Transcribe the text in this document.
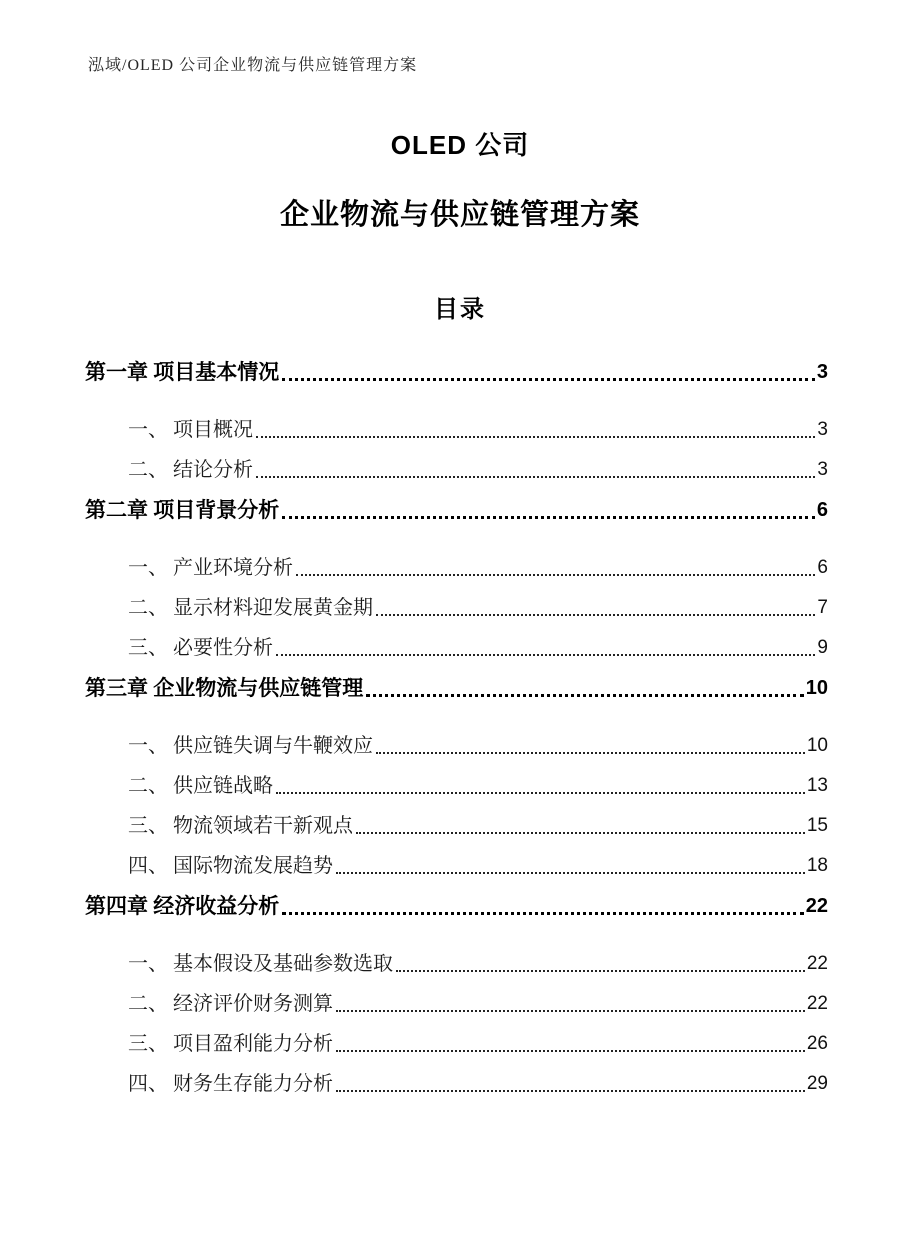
泓域/OLED 公司企业物流与供应链管理方案
OLED 公司
企业物流与供应链管理方案
目录
第一章 项目基本情况	3
一、 项目概况	3
二、 结论分析	3
第二章 项目背景分析	6
一、 产业环境分析	6
二、 显示材料迎发展黄金期	7
三、 必要性分析	9
第三章 企业物流与供应链管理	10
一、 供应链失调与牛鞭效应	10
二、 供应链战略	13
三、 物流领域若干新观点	15
四、 国际物流发展趋势	18
第四章 经济收益分析	22
一、 基本假设及基础参数选取	22
二、 经济评价财务测算	22
三、 项目盈利能力分析	26
四、 财务生存能力分析	29
